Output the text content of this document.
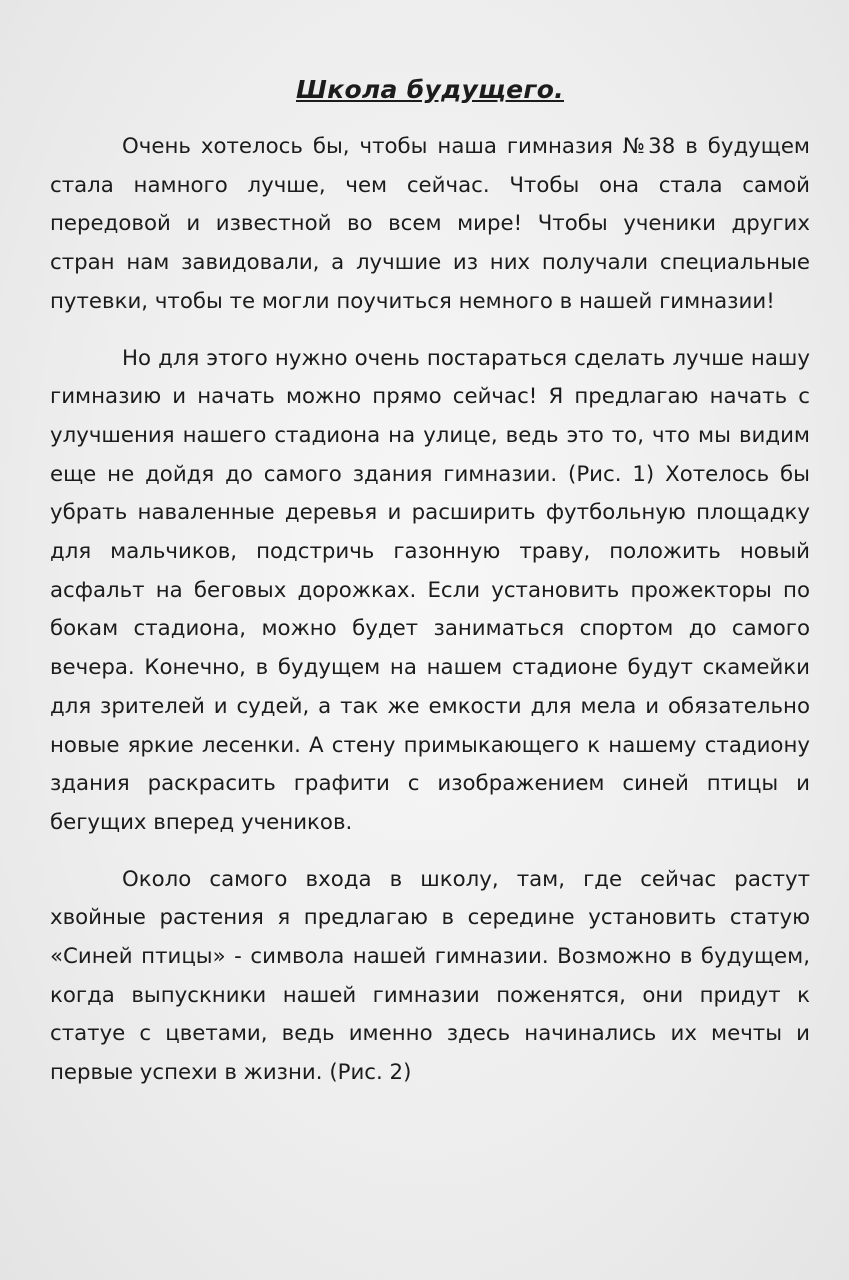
Школа будущего.

Очень хотелось бы, чтобы наша гимназия №38 в будущем стала намного лучше, чем сейчас. Чтобы она стала самой передовой и известной во всем мире! Чтобы ученики других стран нам завидовали, а лучшие из них получали специальные путевки, чтобы те могли поучиться немного в нашей гимназии!

Но для этого нужно очень постараться сделать лучше нашу гимназию и начать можно прямо сейчас! Я предлагаю начать с улучшения нашего стадиона на улице, ведь это то, что мы видим еще не дойдя до самого здания гимназии. (Рис. 1) Хотелось бы убрать наваленные деревья и расширить футбольную площадку для мальчиков, подстричь газонную траву, положить новый асфальт на беговых дорожках. Если установить прожекторы по бокам стадиона, можно будет заниматься спортом до самого вечера. Конечно, в будущем на нашем стадионе будут скамейки для зрителей и судей, а так же емкости для мела и обязательно новые яркие лесенки. А стену примыкающего к нашему стадиону здания раскрасить графити с изображением синей птицы и бегущих вперед учеников.

Около самого входа в школу, там, где сейчас растут хвойные растения я предлагаю в середине установить статую «Синей птицы» - символа нашей гимназии. Возможно в будущем, когда выпускники нашей гимназии поженятся, они придут к статуе с цветами, ведь именно здесь начинались их мечты и первые успехи в жизни. (Рис. 2)
